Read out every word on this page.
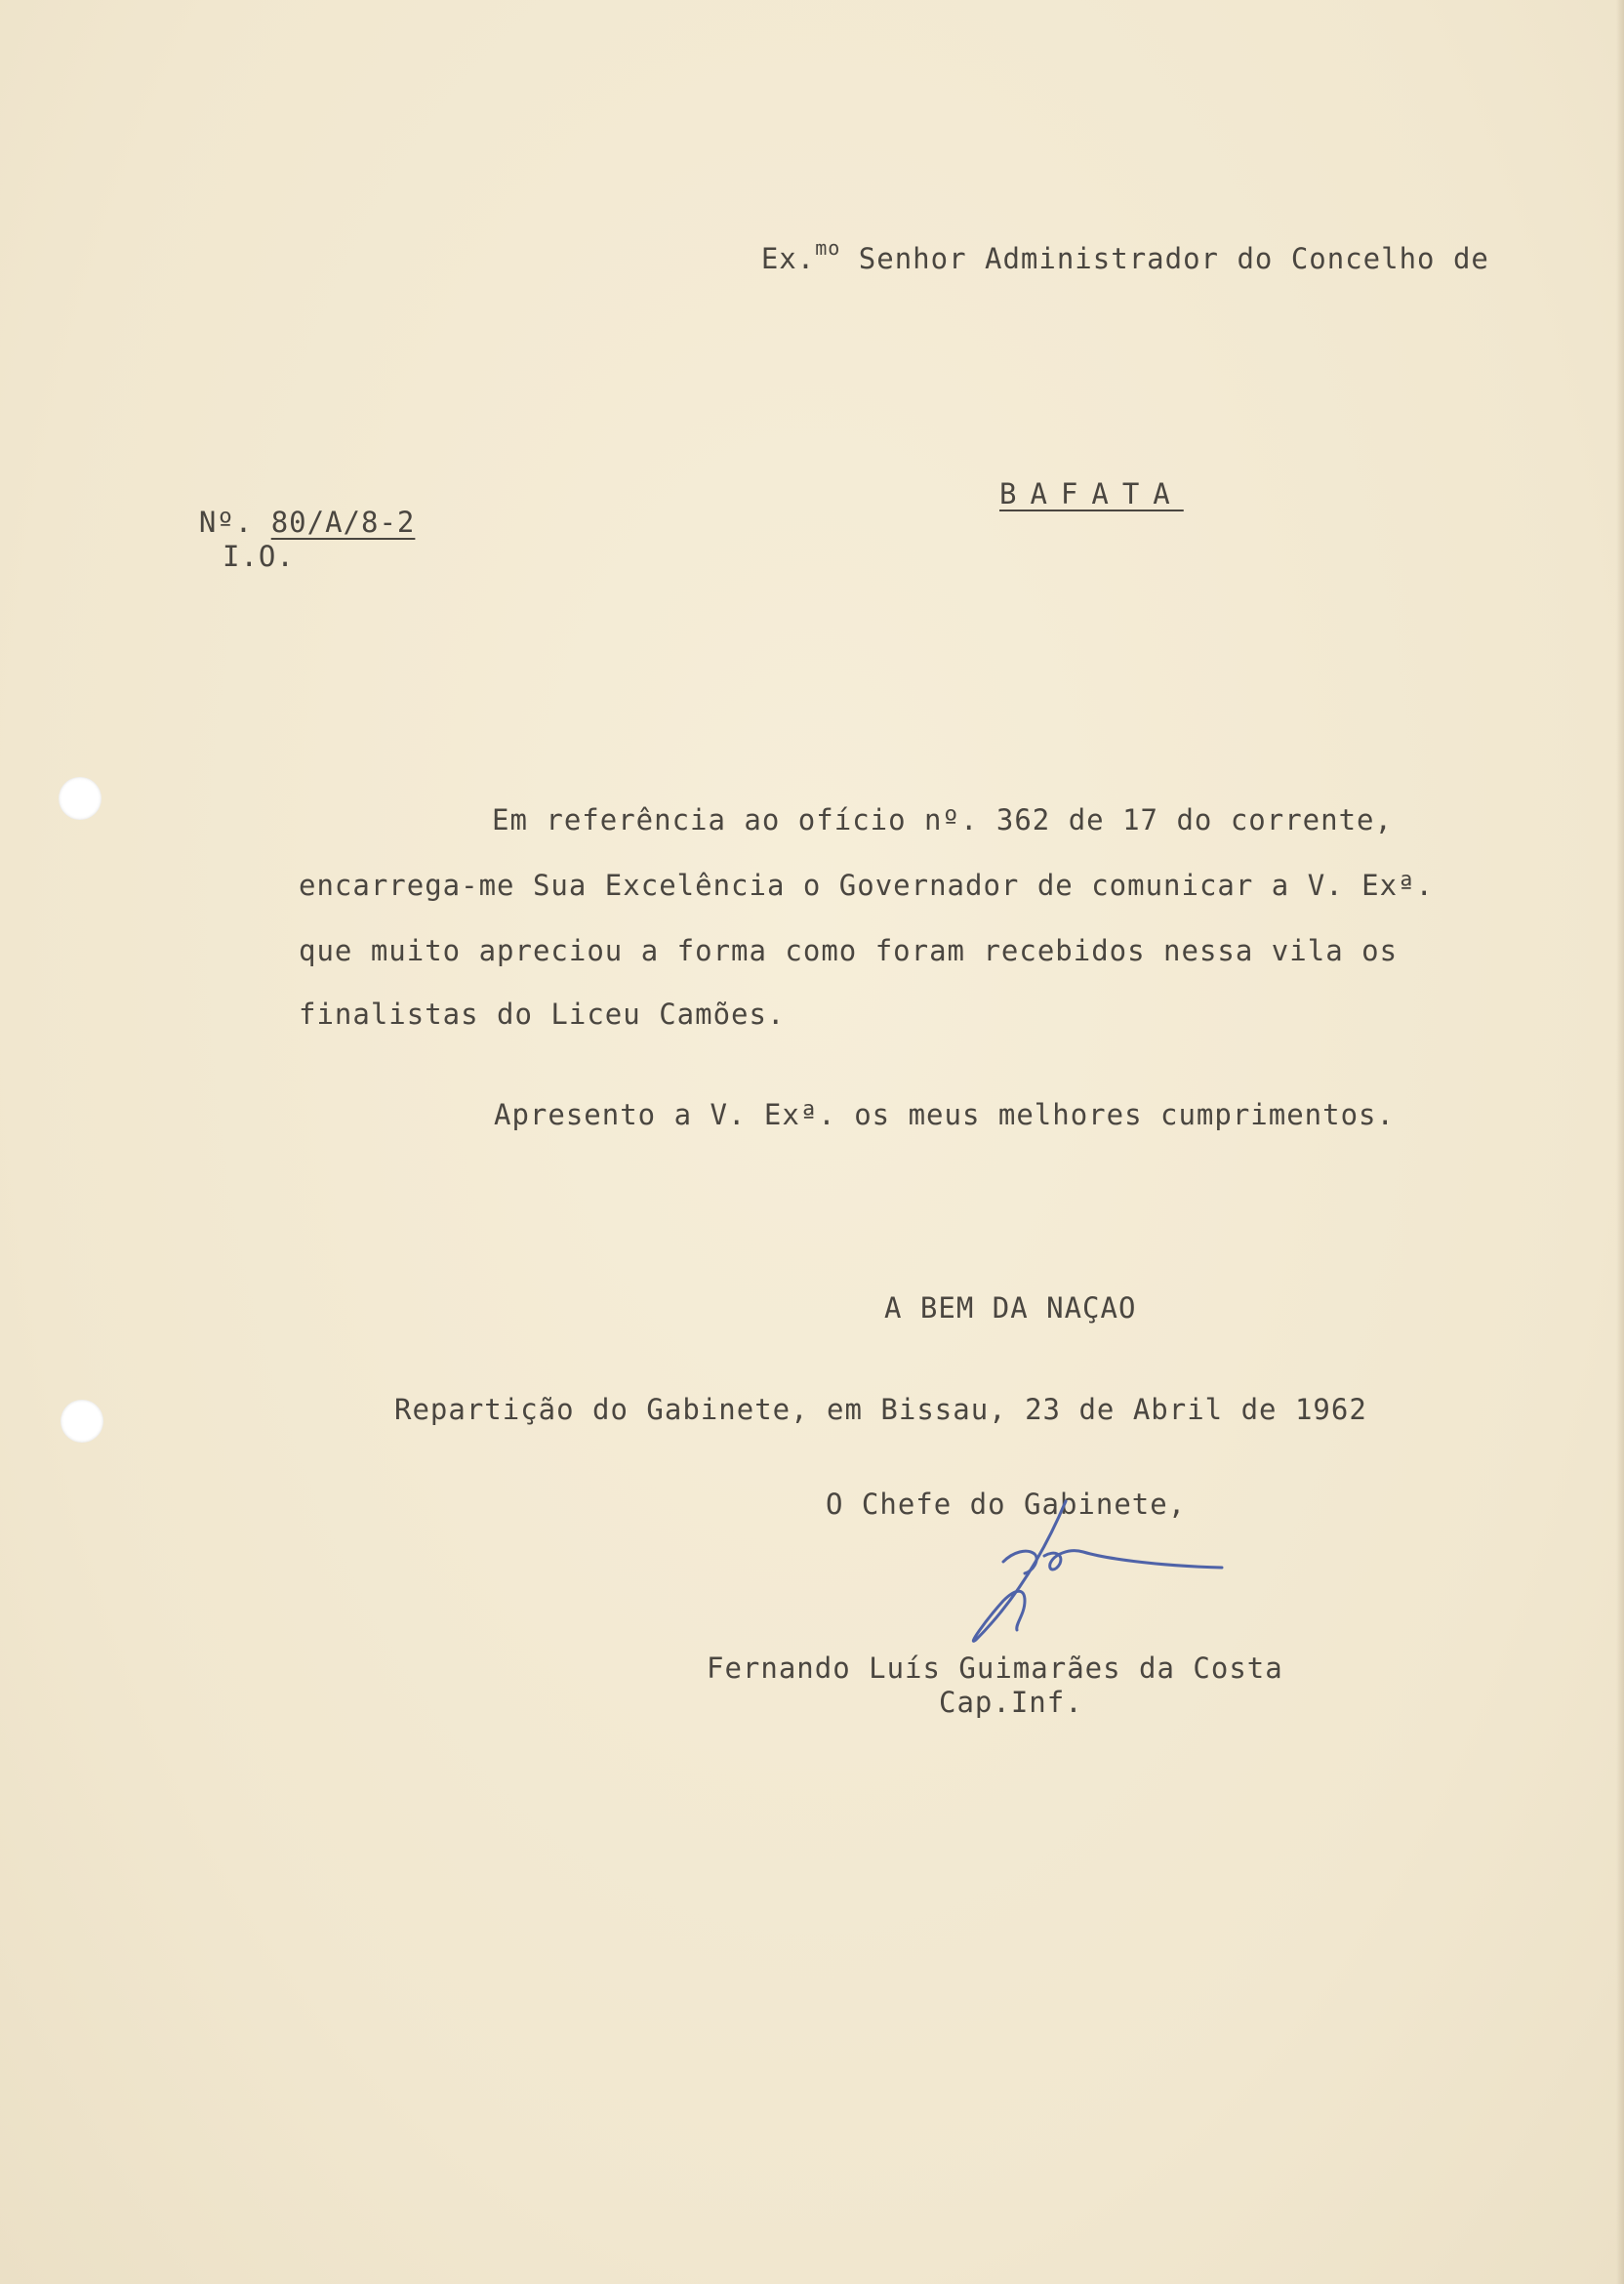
Ex.$^{mo}$ Senhor Administrador do Concelho de

Nº. 80/A/8-2

BAFATA
I.O.
Em referência ao ofício nº. 362 de 17 do corrente,
encarrega-me Sua Excelência o Governador de comunicar a V. Exª.
que muito apreciou a forma como foram recebidos nessa vila os
finalistas do Liceu Camões.
Apresento a V. Exª. os meus melhores cumprimentos.
A BEM DA NAÇAO
Repartição do Gabinete, em Bissau, 23 de Abril de 1962
O Chefe do Gabinete,
Fernando Luís Guimarães da Costa
Cap.Inf.
